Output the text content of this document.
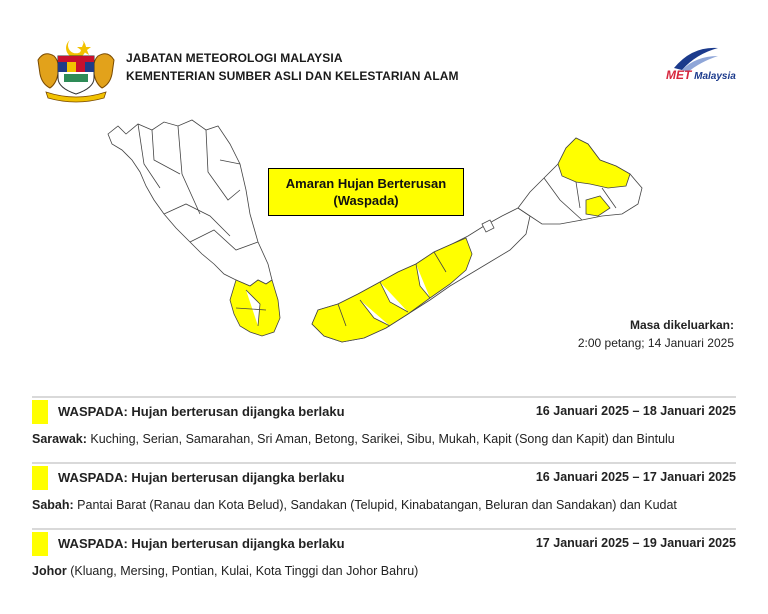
JABATAN METEOROLOGI MALAYSIA
KEMENTERIAN SUMBER ASLI DAN KELESTARIAN ALAM	MET Malaysia
Amaran Hujan Berterusan
(Waspada)
Masa dikeluarkan:
2:00 petang; 14 Januari 2025
WASPADA: Hujan berterusan dijangka berlaku	16 Januari 2025 – 18 Januari 2025
Sarawak: Kuching, Serian, Samarahan, Sri Aman, Betong, Sarikei, Sibu, Mukah, Kapit (Song dan Kapit) dan Bintulu
WASPADA: Hujan berterusan dijangka berlaku	16 Januari 2025 – 17 Januari 2025
Sabah: Pantai Barat (Ranau dan Kota Belud), Sandakan (Telupid, Kinabatangan, Beluran dan Sandakan) dan Kudat
WASPADA: Hujan berterusan dijangka berlaku	17 Januari 2025 – 19 Januari 2025
Johor (Kluang, Mersing, Pontian, Kulai, Kota Tinggi dan Johor Bahru)
